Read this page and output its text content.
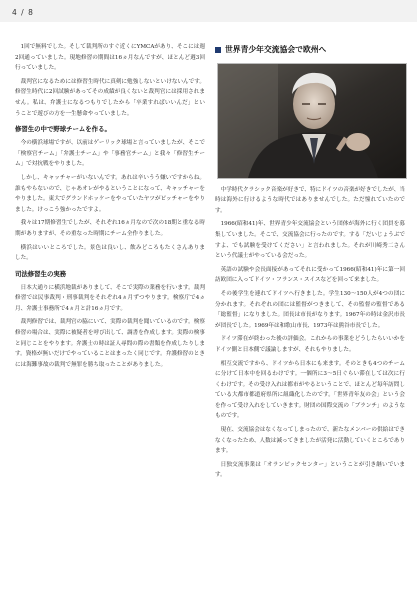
4 / 8

1回で無料でした。そして裁判所のすぐ近くにYMCAがあり、そこには週2回通っていました。現地修習の期間は16ヵ月なんですが、ほとんど週3回行っていました。

裁判官になるためには修習生時代に真剣に勉強しないといけないんです。修習生時代に2回試験があってその成績が良くないと裁判官には採用されません。私は、弁護士になるつもりでしたから「卒業すればいいんだ」ということで遊びの方を一生懸命やっていました。

修習生の中で野球チームを作る。

今の横浜球場ですが、以前はゲーリック球場と言っていましたが、そこで「検察官チーム」「弁護士チーム」や「事務官チーム」と我々「修習生チーム」で対抗戦をやりました。

しかし、キャッチャーがいないんです。あれは辛いうう嫌いですからね。誰もやらないので、じゃあオレがやるということになって、キャッチャーをやりました。東大でグランドホッケーをやっていたヤツがピッチャーをやりました。けっこう強かったですよ。

我々は17期修習生でしたが、それぞれ16ヵ月なので次の18期と重なる時期がありますが、その重なった時期にチーム全作りました。

横浜はいいところでした。景色は良いし、飲みどころもたくさんありました。

司法修習生の実務

日本大通りに横浜地裁がありまして、そこで実際の業務を行います。裁判修習では民事裁判・刑事裁判をそれぞれ4ヵ月ずつやります。検察庁で4ヵ月、弁護士事務所で4ヵ月と計16ヵ月です。

裁判修習では、裁判官の脇にいて、実際の裁判を聞いているのです。検察修習の場合は、実際に被疑者を呼び出して、調書を作成します。実際の検事と同じことをやります。弁護士の時は証人尋問の際の書類を作成したりします。資格が無いだけでやっていることはまったく同じです。弁護修習のときには海難事故の裁判で無罪を勝ち取ったことがありました。

世界青少年交流協会で欧州へ

中学時代クラシック音楽が好きで、特にドイツの音楽が好きでしたが、当時は海外に行けるような時代ではありませんでした。ただ憧れていたのです。

1966(昭和41)年、世界青少年交流協会という団体が海外に行く団員を募集していました。そこで、交流協会に行ったのです。する「だいじょうぶですよ、でも試験を受けてください」と言われました。それが川崎秀二さんという代議士がやっている会だった。

英語の試験や会長面接があってそれに受かって1966(昭和41)年に第一回訪欧団に入ってドイツ・フランス・スイスなどを回って来ました。

その後学生を連れてドイツへ行きました。学生130〜150人が4つの団に分かれます。それぞれの団には監督がつきまして、その監督の監督である「総監督」になりました。団長は市長がなります。1967年の時は金沢市長が団長でした。1969年は和歌山市長、1973年は熊谷市長でした。

ドイツ滞在が終わった後の評価会。これからの事業をどうしたらいいかをドイツ側と日本側で議論しますが、それもやりました。

相互交流ですから、ドイツから日本にも来ます。そのときも4つのチームに分けて日本中を回るわけです。一個所に3〜5日ぐらい滞在しては次に行くわけです。その受け入れは都市がやるということで、ほとんど毎年訪問している大都市都道府県所に組織化したのです。「世界青年友の会」という会を作って受け入れをしていきます。財団の国際交流の「ブランチ」のようなものです。

現在、交流協会はなくなってしまったので、新たなメンバーの供給はできなくなったため、人数は減ってきましたが活発に活動していくところであります。

日独交流事業は「オランピックセンター」ということが引き継いでいます。
